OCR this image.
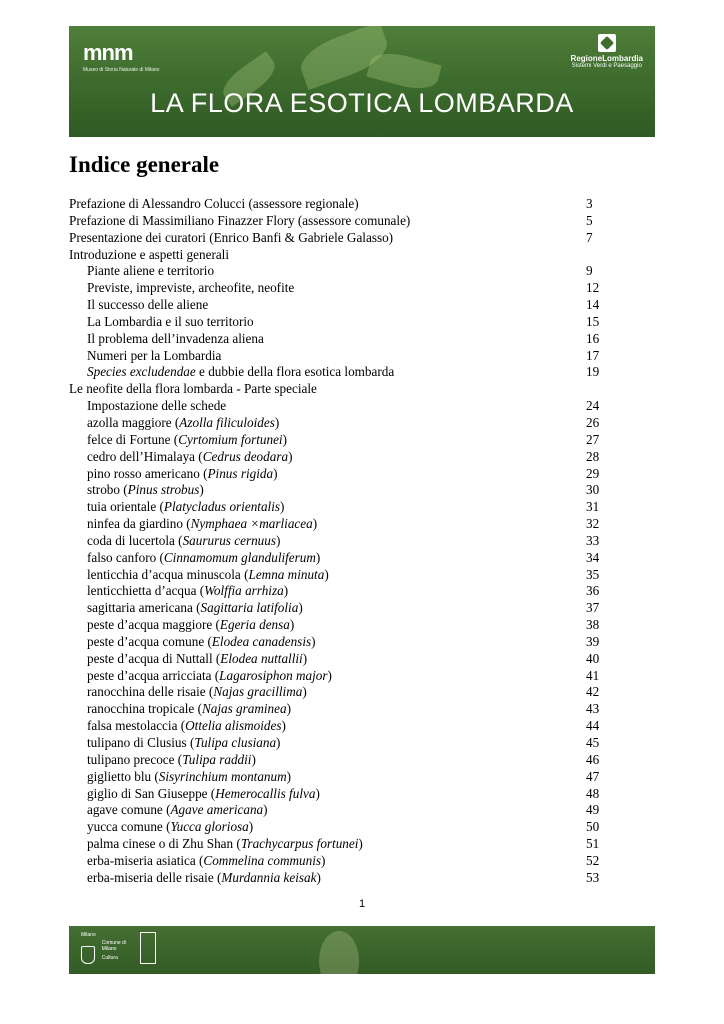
mnm
Museo di Storia Naturale di Milano
RegioneLombardia
Sistemi Verdi e Paesaggio
LA FLORA ESOTICA LOMBARDA
Indice generale
Prefazione di Alessandro Colucci (assessore regionale)	3
Prefazione di Massimiliano Finazzer Flory (assessore comunale)	5
Presentazione dei curatori (Enrico Banfi & Gabriele Galasso)	7
Introduzione e aspetti generali
Piante aliene e territorio	9
Previste, impreviste, archeofite, neofite	12
Il successo delle aliene	14
La Lombardia e il suo territorio	15
Il problema dell’invadenza aliena	16
Numeri per la Lombardia	17
Species excludendae e dubbie della flora esotica lombarda	19
Le neofite della flora lombarda - Parte speciale
Impostazione delle schede	24
azolla maggiore (Azolla filiculoides)	26
felce di Fortune (Cyrtomium fortunei)	27
cedro dell’Himalaya (Cedrus deodara)	28
pino rosso americano (Pinus rigida)	29
strobo (Pinus strobus)	30
tuia orientale (Platycladus orientalis)	31
ninfea da giardino (Nymphaea ×marliacea)	32
coda di lucertola (Saururus cernuus)	33
falso canforo (Cinnamomum glanduliferum)	34
lenticchia d’acqua minuscola (Lemna minuta)	35
lenticchietta d’acqua (Wolffia arrhiza)	36
sagittaria americana (Sagittaria latifolia)	37
peste d’acqua maggiore (Egeria densa)	38
peste d’acqua comune (Elodea canadensis)	39
peste d’acqua di Nuttall (Elodea nuttallii)	40
peste d’acqua arricciata (Lagarosiphon major)	41
ranocchina delle risaie (Najas gracillima)	42
ranocchina tropicale (Najas graminea)	43
falsa mestolaccia (Ottelia alismoides)	44
tulipano di Clusius (Tulipa clusiana)	45
tulipano precoce (Tulipa raddii)	46
giglietto blu (Sisyrinchium montanum)	47
giglio di San Giuseppe (Hemerocallis fulva)	48
agave comune (Agave americana)	49
yucca comune (Yucca gloriosa)	50
palma cinese o di Zhu Shan (Trachycarpus fortunei)	51
erba-miseria asiatica (Commelina communis)	52
erba-miseria delle risaie (Murdannia keisak)	53
1
Milano
Comune di Milano
Cultura
